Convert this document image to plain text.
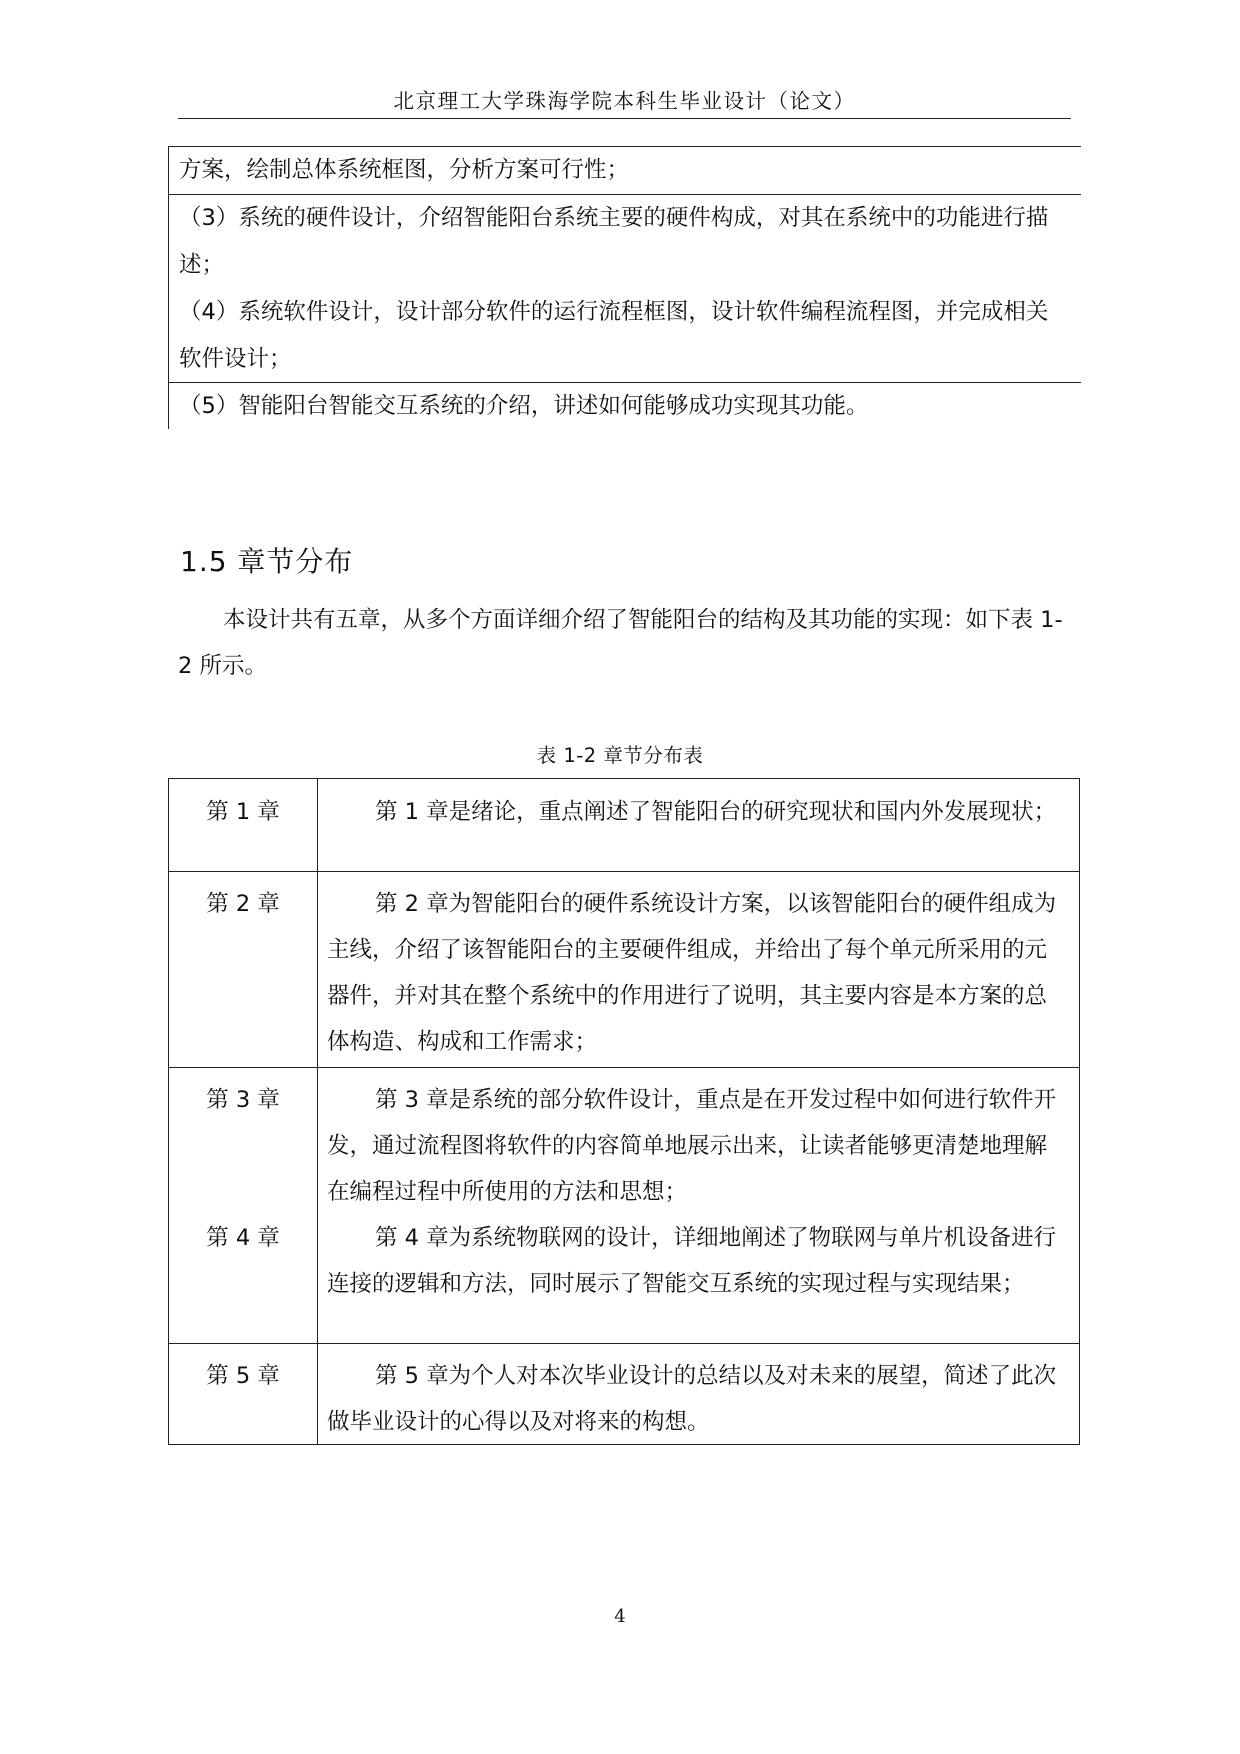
北京理工大学珠海学院本科生毕业设计（论文）
方案，绘制总体系统框图，分析方案可行性；
（3）系统的硬件设计，介绍智能阳台系统主要的硬件构成，对其在系统中的功能进行描述；
（4）系统软件设计，设计部分软件的运行流程框图，设计软件编程流程图，并完成相关软件设计；
（5）智能阳台智能交互系统的介绍，讲述如何能够成功实现其功能。
1.5 章节分布
本设计共有五章，从多个方面详细介绍了智能阳台的结构及其功能的实现：如下表 1-2 所示。
表 1-2 章节分布表
第 1 章	第 1 章是绪论，重点阐述了智能阳台的研究现状和国内外发展现状；
第 2 章	第 2 章为智能阳台的硬件系统设计方案，以该智能阳台的硬件组成为主线，介绍了该智能阳台的主要硬件组成，并给出了每个单元所采用的元器件，并对其在整个系统中的作用进行了说明，其主要内容是本方案的总体构造、构成和工作需求；
第 3 章	第 3 章是系统的部分软件设计，重点是在开发过程中如何进行软件开发，通过流程图将软件的内容简单地展示出来，让读者能够更清楚地理解在编程过程中所使用的方法和思想；
第 4 章	第 4 章为系统物联网的设计，详细地阐述了物联网与单片机设备进行连接的逻辑和方法，同时展示了智能交互系统的实现过程与实现结果；
第 5 章	第 5 章为个人对本次毕业设计的总结以及对未来的展望，简述了此次做毕业设计的心得以及对将来的构想。
4
